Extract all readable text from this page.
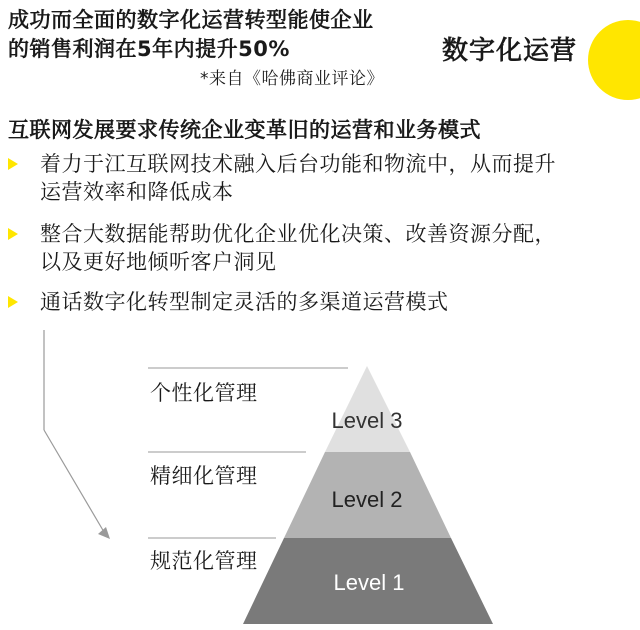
成功而全面的数字化运营转型能使企业
的销售利润在5年内提升50%
*来自《哈佛商业评论》
数字化运营
互联网发展要求传统企业变革旧的运营和业务模式
着力于江互联网技术融入后台功能和物流中，从而提升
运营效率和降低成本
整合大数据能帮助优化企业优化决策、改善资源分配，
以及更好地倾听客户洞见
通话数字化转型制定灵活的多渠道运营模式
Level 3
Level 2
Level 1
个性化管理
精细化管理
规范化管理
